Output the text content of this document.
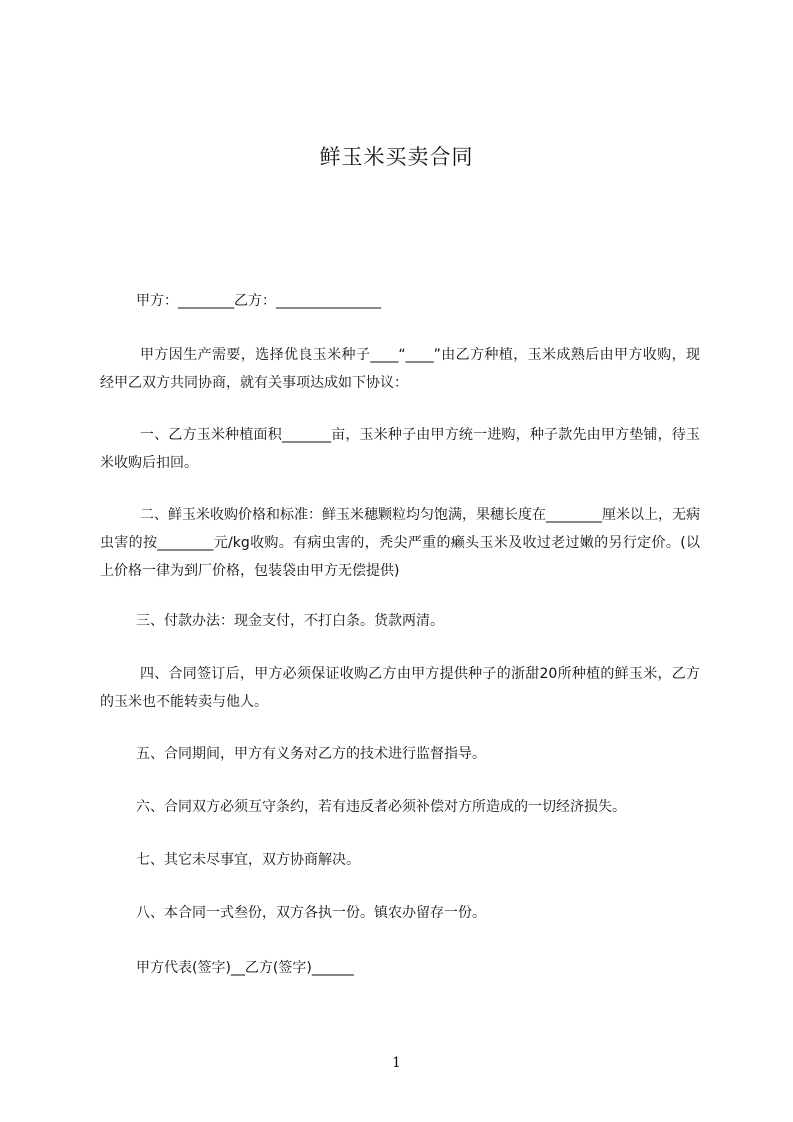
鲜玉米买卖合同

甲方：________乙方：_______________

甲方因生产需要，选择优良玉米种子____“____”由乙方种植，玉米成熟后由甲方收购，现经甲乙双方共同协商，就有关事项达成如下协议：

一、乙方玉米种植面积_______亩，玉米种子由甲方统一进购，种子款先由甲方垫铺，待玉米收购后扣回。

二、鲜玉米收购价格和标准：鲜玉米穗颗粒均匀饱满，果穗长度在________厘米以上，无病虫害的按________元/kg收购。有病虫害的，秃尖严重的癞头玉米及收过老过嫩的另行定价。(以上价格一律为到厂价格，包装袋由甲方无偿提供)

三、付款办法：现金支付，不打白条。货款两清。

四、合同签订后，甲方必须保证收购乙方由甲方提供种子的浙甜20所种植的鲜玉米，乙方的玉米也不能转卖与他人。

五、合同期间，甲方有义务对乙方的技术进行监督指导。

六、合同双方必须互守条约，若有违反者必须补偿对方所造成的一切经济损失。

七、其它未尽事宜，双方协商解决。

八、本合同一式叁份，双方各执一份。镇农办留存一份。

甲方代表(签字)__乙方(签字)______

1
